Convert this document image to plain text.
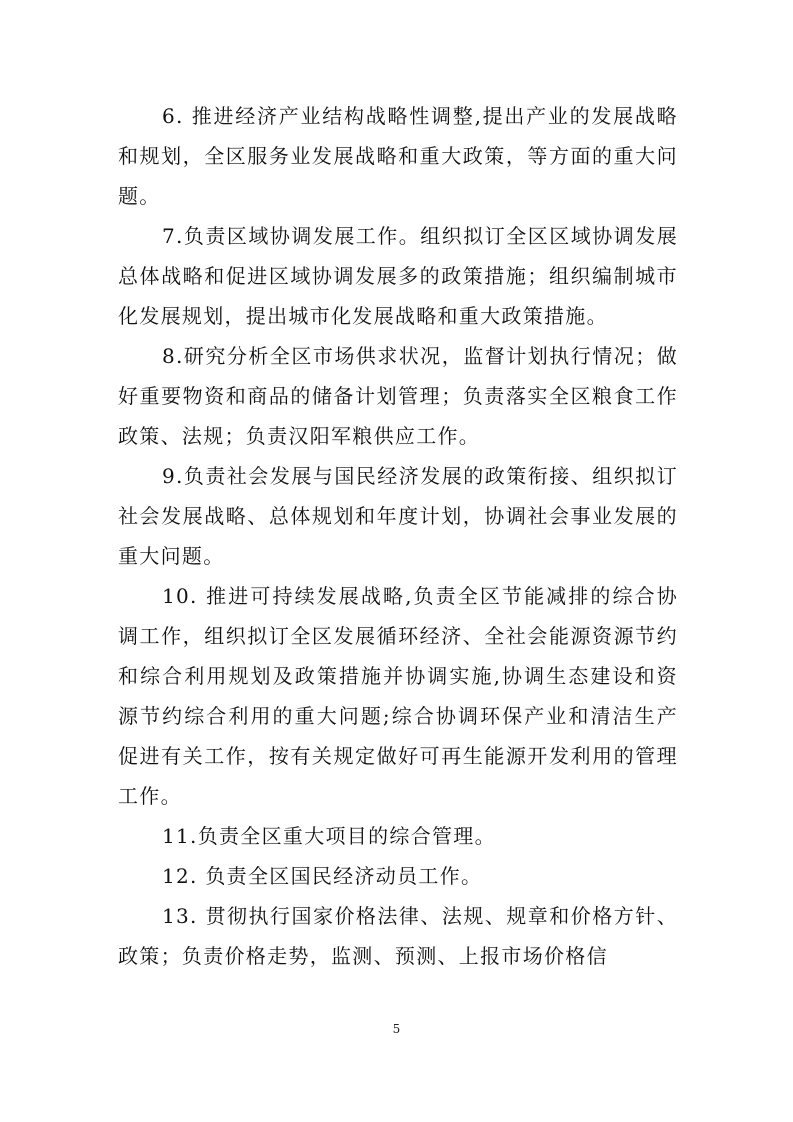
6. 推进经济产业结构战略性调整,提出产业的发展战略和规划，全区服务业发展战略和重大政策，等方面的重大问题。

7.负责区域协调发展工作。组织拟订全区区域协调发展总体战略和促进区域协调发展多的政策措施；组织编制城市化发展规划，提出城市化发展战略和重大政策措施。

8.研究分析全区市场供求状况，监督计划执行情况；做好重要物资和商品的储备计划管理；负责落实全区粮食工作政策、法规；负责汉阳军粮供应工作。

9.负责社会发展与国民经济发展的政策衔接、组织拟订社会发展战略、总体规划和年度计划，协调社会事业发展的重大问题。

10. 推进可持续发展战略,负责全区节能减排的综合协调工作，组织拟订全区发展循环经济、全社会能源资源节约和综合利用规划及政策措施并协调实施,协调生态建设和资源节约综合利用的重大问题;综合协调环保产业和清洁生产促进有关工作，按有关规定做好可再生能源开发利用的管理工作。

11.负责全区重大项目的综合管理。

12. 负责全区国民经济动员工作。

13. 贯彻执行国家价格法律、法规、规章和价格方针、政策；负责价格走势，监测、预测、上报市场价格信

5
